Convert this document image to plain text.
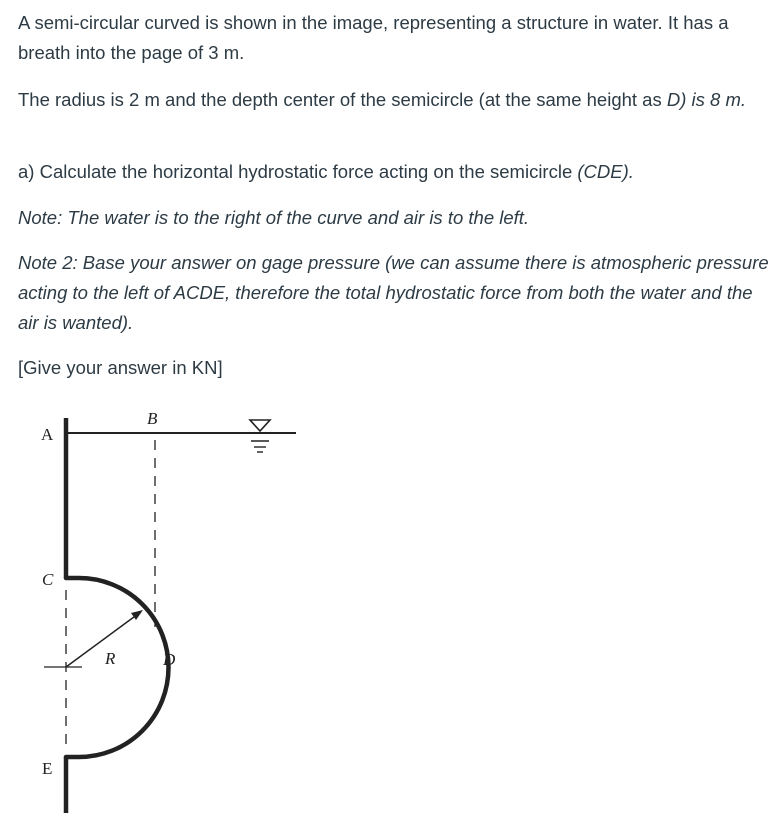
A semi-circular curved is shown in the image, representing a structure in water. It has a breath into the page of 3 m.

The radius is 2 m and the depth center of the semicircle (at the same height as D) is 8 m.

a) Calculate the horizontal hydrostatic force acting on the semicircle (CDE).

Note: The water is to the right of the curve and air is to the left.

Note 2: Base your answer on gage pressure (we can assume there is atmospheric pressure acting to the left of ACDE, therefore the total hydrostatic force from both the water and the air is wanted).

[Give your answer in KN]

A
B
C
R	D
E
